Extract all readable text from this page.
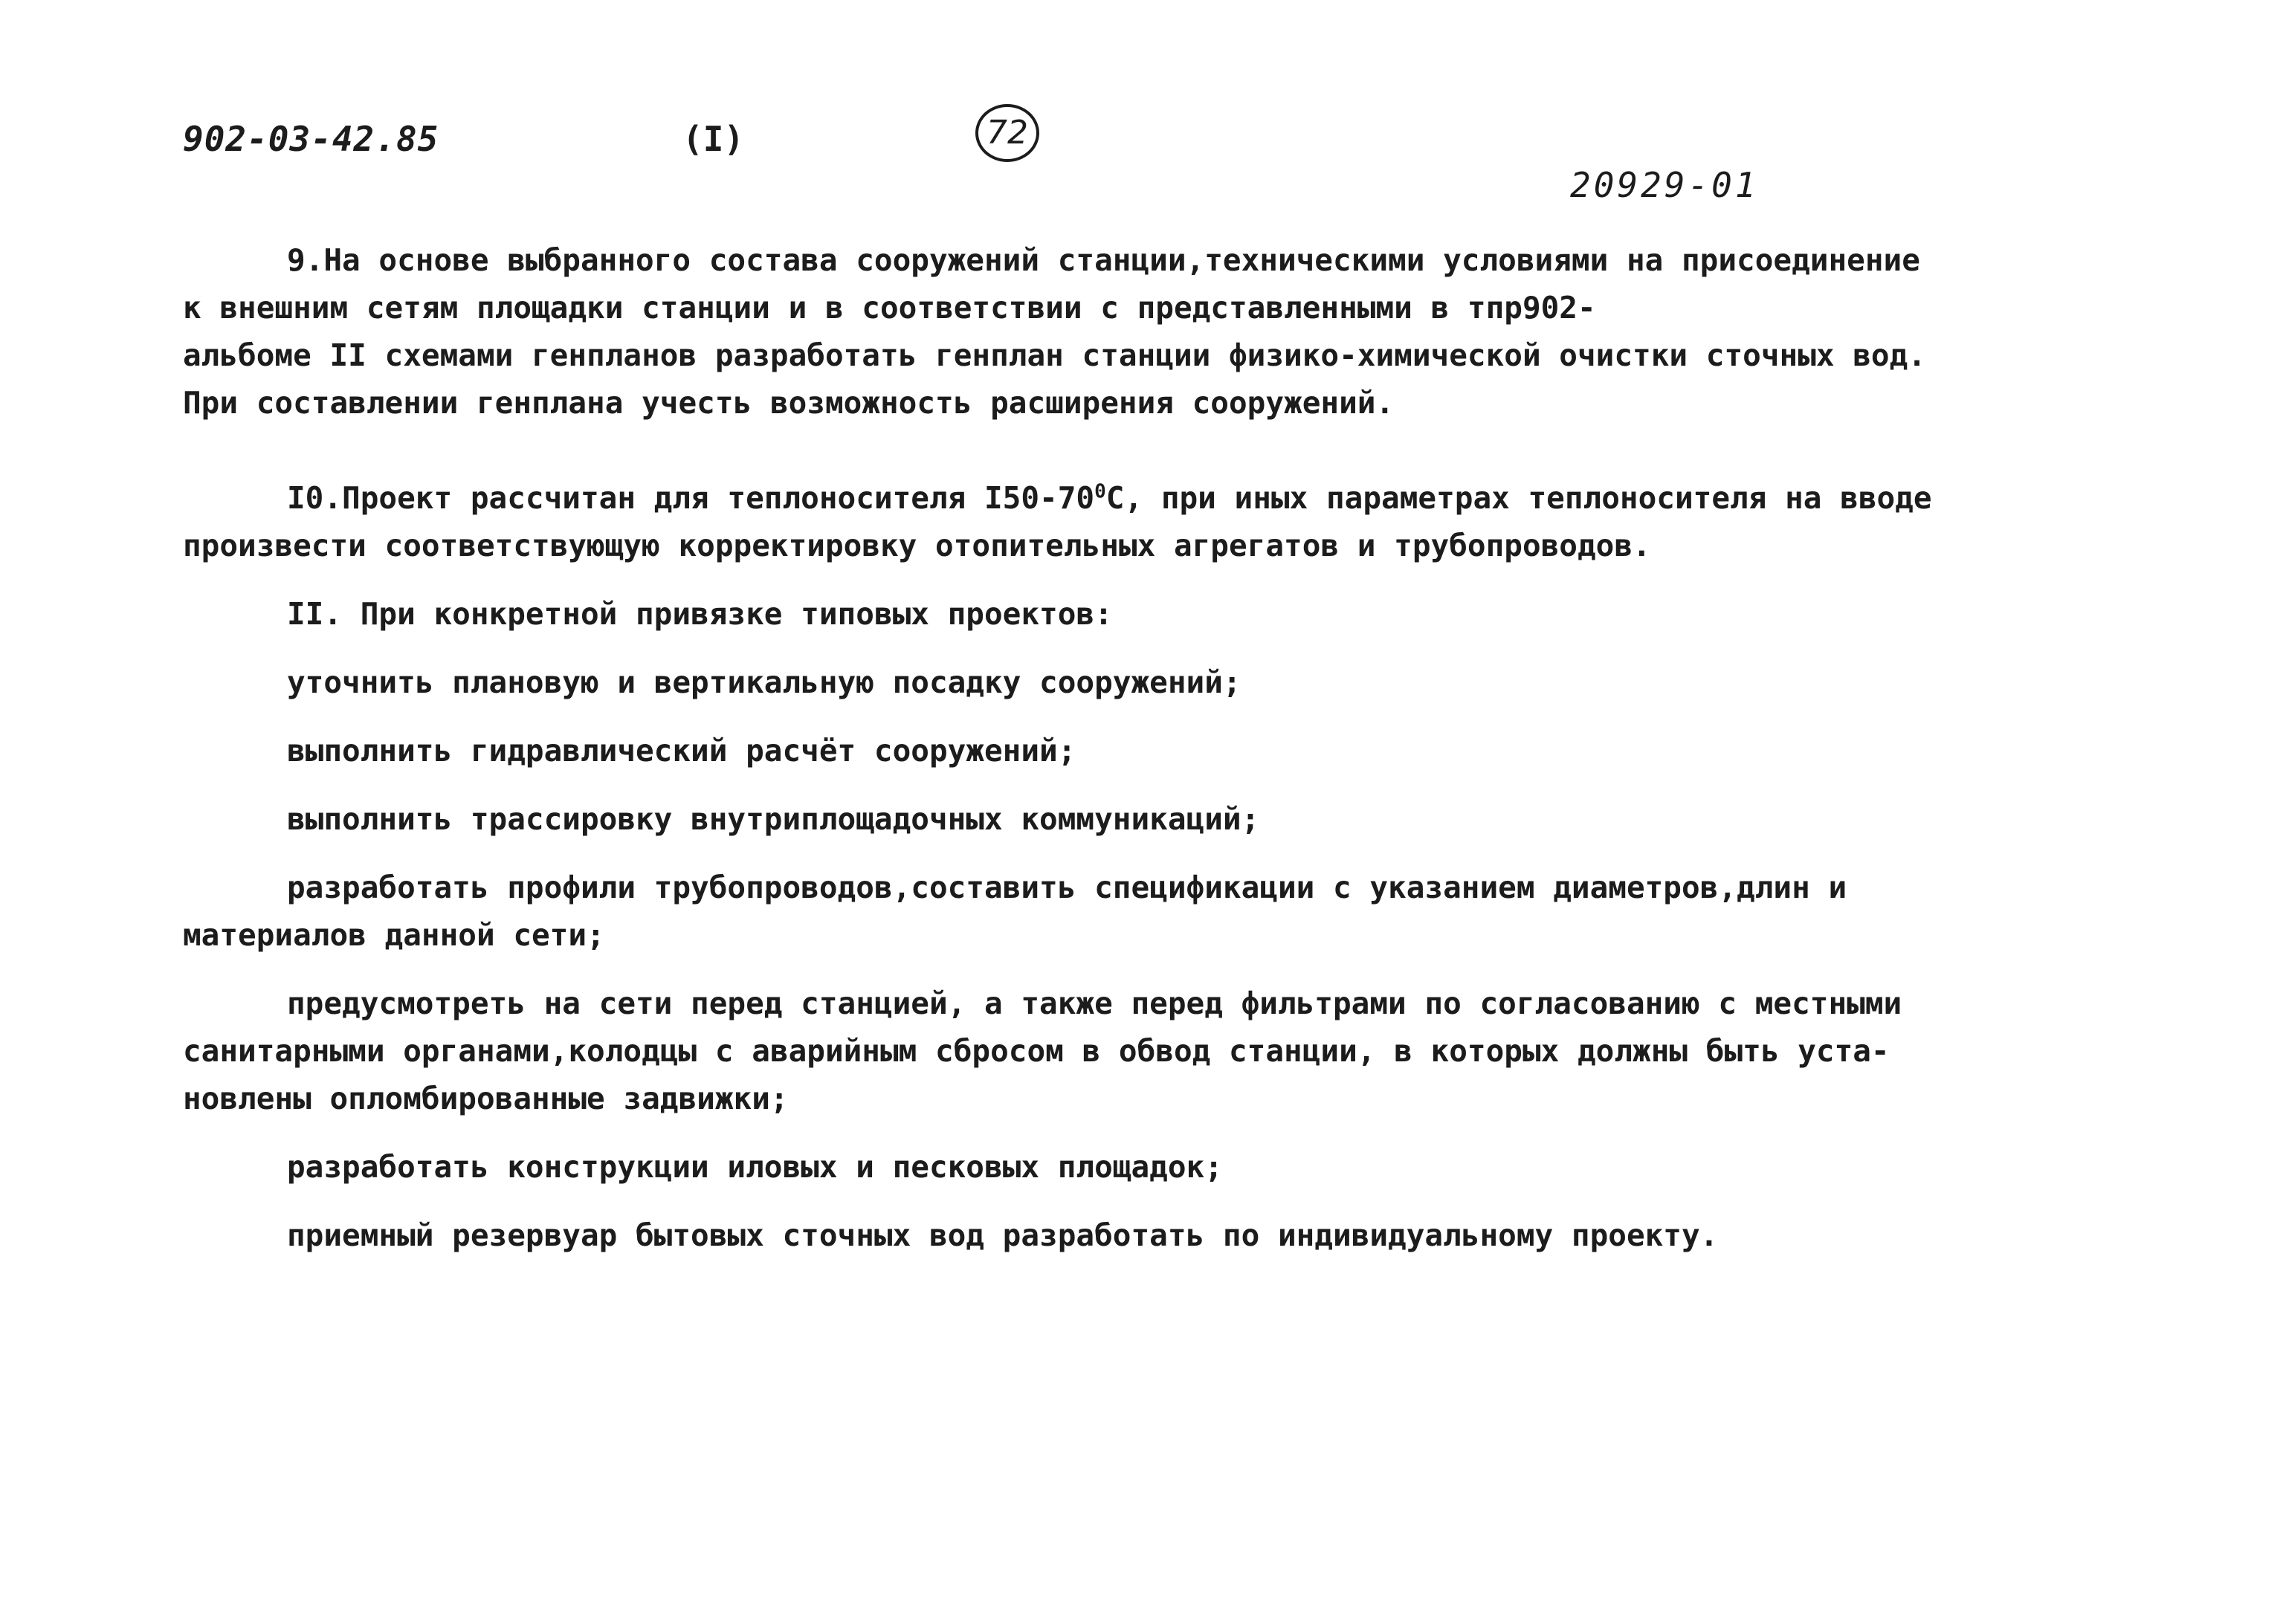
902-03-42.85	(I)	72
20929-01
9.На основе выбранного состава сооружений станции,техническими условиями на присоединение
к внешним сетям площадки станции и в соответствии с представленными в тпр902-
альбоме II схемами генпланов разработать генплан станции физико-химической очистки сточных вод.
При составлении генплана учесть возможность расширения сооружений.
I0.Проект рассчитан для теплоносителя $I50-70^0С$, при иных параметрах теплоносителя на вводе
произвести соответствующую корректировку отопительных агрегатов и трубопроводов.
II. При конкретной привязке типовых проектов:
уточнить плановую и вертикальную посадку сооружений;
выполнить гидравлический расчёт сооружений;
выполнить трассировку внутриплощадочных коммуникаций;
разработать профили трубопроводов,составить спецификации с указанием диаметров,длин и
материалов данной сети;
предусмотреть на сети перед станцией, а также перед фильтрами по согласованию с местными
санитарными органами,колодцы с аварийным сбросом в обвод станции, в которых должны быть уста-
новлены опломбированные задвижки;
разработать конструкции иловых и песковых площадок;
приемный резервуар бытовых сточных вод разработать по индивидуальному проекту.
